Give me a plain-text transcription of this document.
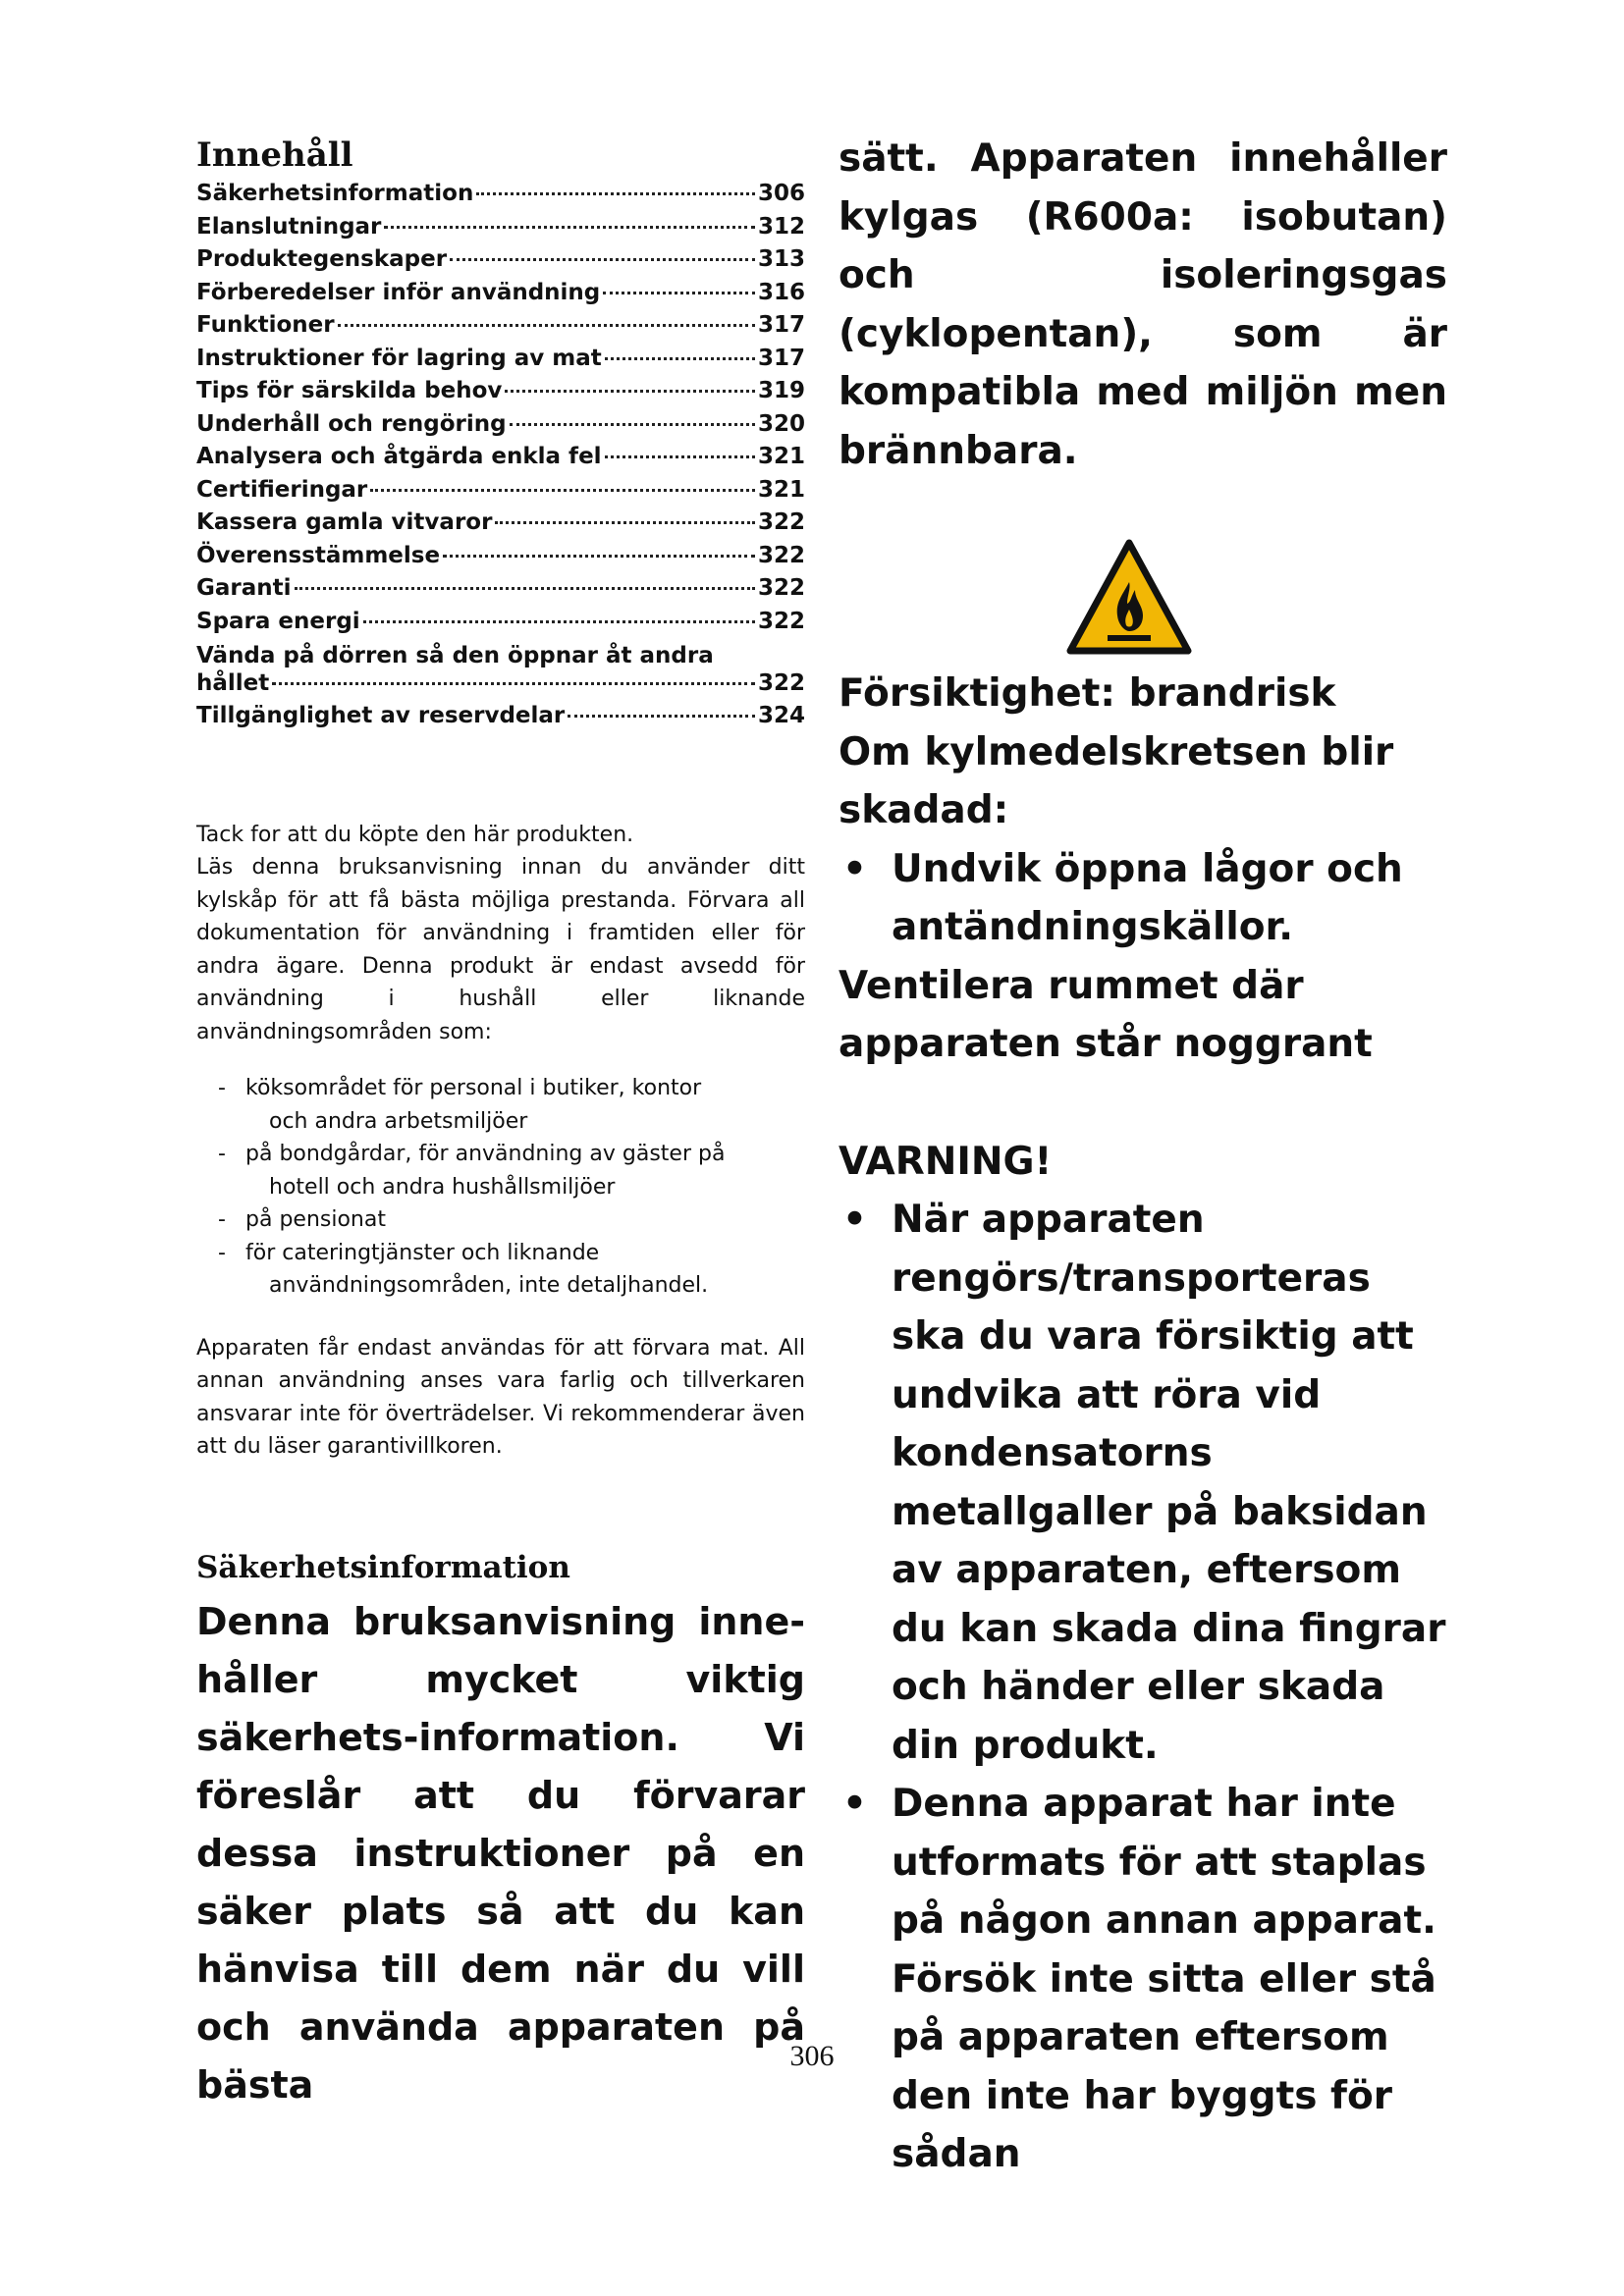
Innehåll
Säkerhetsinformation	306
Elanslutningar	312
Produktegenskaper	313
Förberedelser inför användning	316
Funktioner	317
Instruktioner för lagring av mat	317
Tips för särskilda behov	319
Underhåll och rengöring	320
Analysera och åtgärda enkla fel	321
Certifieringar	321
Kassera gamla vitvaror	322
Överensstämmelse	322
Garanti	322
Spara energi	322
Vända på dörren så den öppnar åt andra
hållet	322
Tillgänglighet av reservdelar	324

Tack for att du köpte den här produkten.

Läs denna bruksanvisning innan du använder ditt kylskåp för att få bästa möjliga prestanda. Förvara all dokumentation för användning i framtiden eller för andra ägare. Denna produkt är endast avsedd för användning i hushåll eller liknande användningsområden som:

- köksområdet för personal i butiker, kontor
och andra arbetsmiljöer
- på bondgårdar, för användning av gäster på
hotell och andra hushållsmiljöer
- på pensionat
- för cateringtjänster och liknande
användningsområden, inte detaljhandel.
Apparaten får endast användas för att förvara mat. All annan användning anses vara farlig och tillverkaren ansvarar inte för överträdelser. Vi rekommenderar även att du läser garantivillkoren.
Säkerhetsinformation

Denna bruksanvisning inne-håller mycket viktig säkerhets-information. Vi föreslår att du förvarar dessa instruktioner på en säker plats så att du kan hänvisa till dem när du vill och använda apparaten på bästa

sätt. Apparaten innehåller kylgas (R600a: isobutan) och isoleringsgas (cyklopentan), som är kompatibla med miljön men brännbara.

Försiktighet: brandrisk
Om kylmedelskretsen blir skadad:
• Undvik öppna lågor och antändningskällor.
Ventilera rummet där apparaten står noggrant
VARNING!
• När apparaten rengörs/transporteras ska du vara försiktig att undvika att röra vid kondensatorns metallgaller på baksidan av apparaten, eftersom du kan skada dina fingrar och händer eller skada din produkt.
• Denna apparat har inte utformats för att staplas på någon annan apparat. Försök inte sitta eller stå på apparaten eftersom den inte har byggts för sådan
306
